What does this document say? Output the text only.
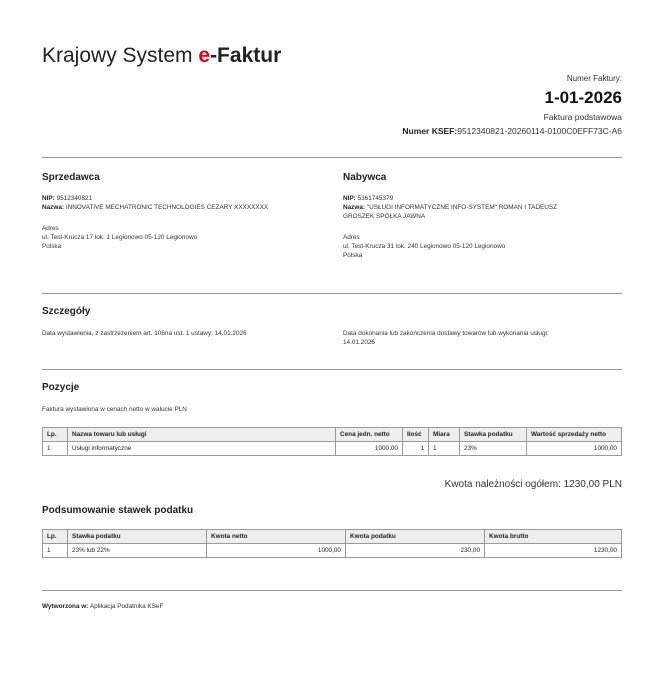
Krajowy System e-Faktur
Numer Faktury:
1-01-2026
Faktura podstawowa
Numer KSEF:9512340821-20260114-0100C0EFF73C-A6
Sprzedawca
NIP: 9512340821
Nazwa: INNOVATIVE MECHATRONIC TECHNOLOGIES CEZARY XXXXXXXX
Adres
ul. Test-Krucza 17 lok. 1 Legionowo 05-120 Legionowo
Polska
Nabywca
NIP: 5361745379
Nazwa: "USŁUGI INFORMATYCZNE INFO-SYSTEM" ROMAN I TADEUSZ
GROSZEK SPÓŁKA JAWNA
Adres
ul. Test-Krucza 31 lok. 240 Legionowo 05-120 Legionowo
Polska
Szczegóły
Data wystawienia, z zastrzeżeniem art. 106na ust. 1 ustawy: 14.01.2026	Data dokonania lub zakończenia dostawy towarów lub wykonania usługi:
14.01.2026
Pozycje
Faktura wystawiona w cenach netto w walucie PLN
Lp.	Nazwa towaru lub usługi	Cena jedn. netto	Ilość	Miara	Stawka podatku	Wartość sprzedaży netto
1	Usługi informatyczne	1000,00	1	1	23%	1000,00
Kwota należności ogółem: 1230,00 PLN
Podsumowanie stawek podatku
Lp.	Stawka podatku	Kwota netto	Kwota podatku	Kwota brutto
1	23% lub 22%	1000,00	230,00	1230,00
Wytworzona w: Aplikacja Podatnika KSeF
